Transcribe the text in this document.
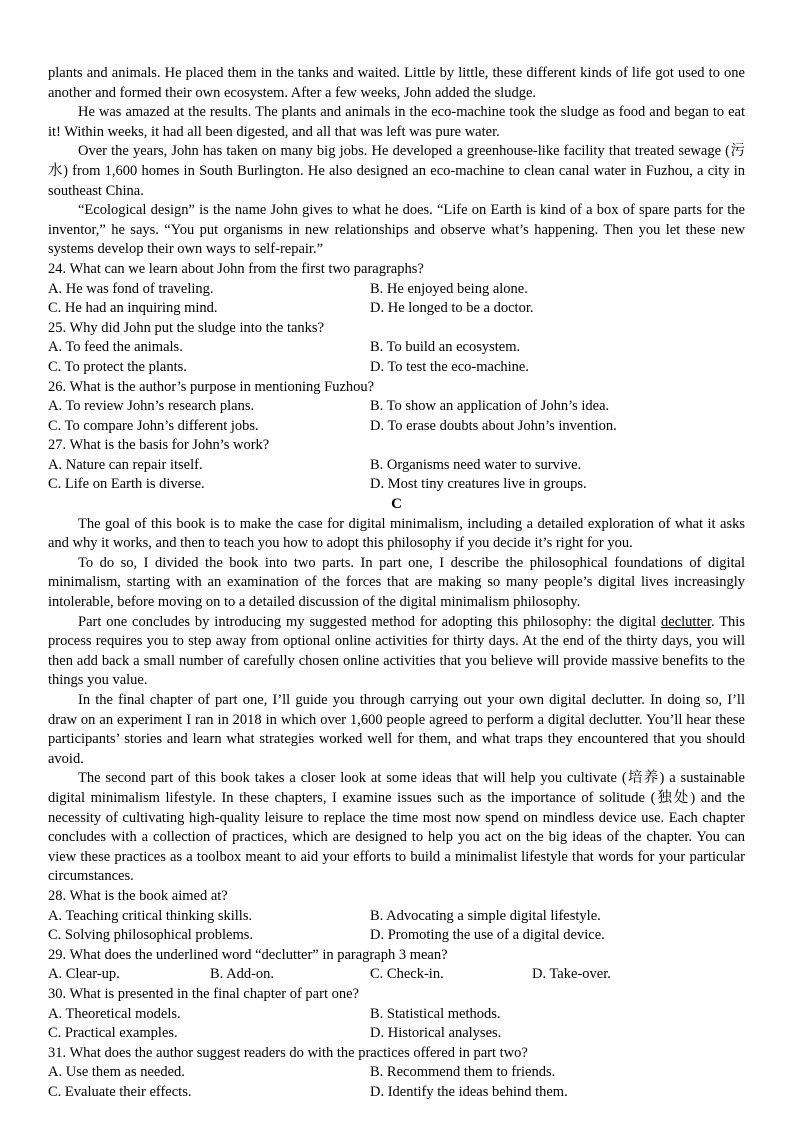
plants and animals. He placed them in the tanks and waited. Little by little, these different kinds of life got used to one another and formed their own ecosystem. After a few weeks, John added the sludge.

He was amazed at the results. The plants and animals in the eco-machine took the sludge as food and began to eat it! Within weeks, it had all been digested, and all that was left was pure water.

Over the years, John has taken on many big jobs. He developed a greenhouse-like facility that treated sewage (污水) from 1,600 homes in South Burlington. He also designed an eco-machine to clean canal water in Fuzhou, a city in southeast China.

“Ecological design” is the name John gives to what he does. “Life on Earth is kind of a box of spare parts for the inventor,” he says. “You put organisms in new relationships and observe what’s happening. Then you let these new systems develop their own ways to self-repair.”

24. What can we learn about John from the first two paragraphs?

A. He was fond of traveling.	B. He enjoyed being alone.

C. He had an inquiring mind.	D. He longed to be a doctor.

25. Why did John put the sludge into the tanks?

A. To feed the animals.	B. To build an ecosystem.

C. To protect the plants.	D. To test the eco-machine.

26. What is the author’s purpose in mentioning Fuzhou?

A. To review John’s research plans.	B. To show an application of John’s idea.

C. To compare John’s different jobs.	D. To erase doubts about John’s invention.

27. What is the basis for John’s work?

A. Nature can repair itself.	B. Organisms need water to survive.

C. Life on Earth is diverse.	D. Most tiny creatures live in groups.

C

The goal of this book is to make the case for digital minimalism, including a detailed exploration of what it asks and why it works, and then to teach you how to adopt this philosophy if you decide it’s right for you.

To do so, I divided the book into two parts. In part one, I describe the philosophical foundations of digital minimalism, starting with an examination of the forces that are making so many people’s digital lives increasingly intolerable, before moving on to a detailed discussion of the digital minimalism philosophy.

Part one concludes by introducing my suggested method for adopting this philosophy: the digital declutter. This process requires you to step away from optional online activities for thirty days. At the end of the thirty days, you will then add back a small number of carefully chosen online activities that you believe will provide massive benefits to the things you value.

In the final chapter of part one, I’ll guide you through carrying out your own digital declutter. In doing so, I’ll draw on an experiment I ran in 2018 in which over 1,600 people agreed to perform a digital declutter. You’ll hear these participants’ stories and learn what strategies worked well for them, and what traps they encountered that you should avoid.

The second part of this book takes a closer look at some ideas that will help you cultivate (培养) a sustainable digital minimalism lifestyle. In these chapters, I examine issues such as the importance of solitude (独处) and the necessity of cultivating high-quality leisure to replace the time most now spend on mindless device use. Each chapter concludes with a collection of practices, which are designed to help you act on the big ideas of the chapter. You can view these practices as a toolbox meant to aid your efforts to build a minimalist lifestyle that words for your particular circumstances.

28. What is the book aimed at?

A. Teaching critical thinking skills.	B. Advocating a simple digital lifestyle.

C. Solving philosophical problems.	D. Promoting the use of a digital device.

29. What does the underlined word “declutter” in paragraph 3 mean?

A. Clear-up.	B. Add-on.	C. Check-in.	D. Take-over.

30. What is presented in the final chapter of part one?

A. Theoretical models.	B. Statistical methods.

C. Practical examples.	D. Historical analyses.

31. What does the author suggest readers do with the practices offered in part two?

A. Use them as needed.	B. Recommend them to friends.

C. Evaluate their effects.	D. Identify the ideas behind them.
